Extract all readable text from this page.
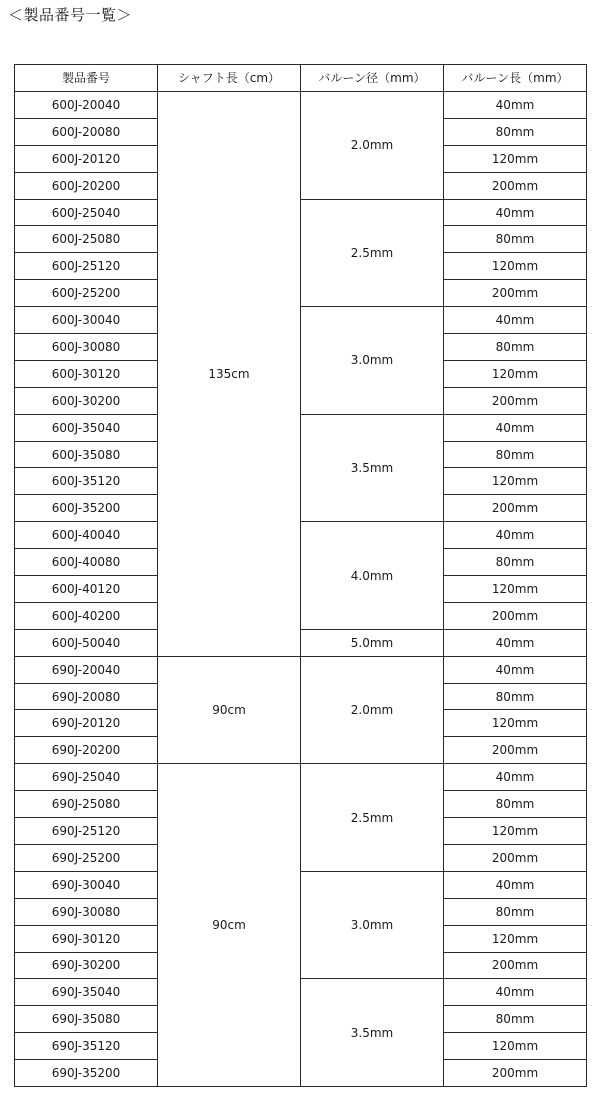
＜製品番号一覧＞
製品番号	シャフト長（cm）	バルーン径（mm）	バルーン長（mm）
600J-20040	135cm	2.0mm	40mm
600J-20080			80mm
600J-20120			120mm
600J-20200			200mm
600J-25040		2.5mm	40mm
600J-25080			80mm
600J-25120			120mm
600J-25200			200mm
600J-30040		3.0mm	40mm
600J-30080			80mm
600J-30120			120mm
600J-30200			200mm
600J-35040		3.5mm	40mm
600J-35080			80mm
600J-35120			120mm
600J-35200			200mm
600J-40040		4.0mm	40mm
600J-40080			80mm
600J-40120			120mm
600J-40200			200mm
600J-50040		5.0mm	40mm
690J-20040	90cm	2.0mm	40mm
690J-20080			80mm
690J-20120			120mm
690J-20200			200mm
690J-25040	90cm	2.5mm	40mm
690J-25080			80mm
690J-25120			120mm
690J-25200			200mm
690J-30040		3.0mm	40mm
690J-30080			80mm
690J-30120			120mm
690J-30200			200mm
690J-35040		3.5mm	40mm
690J-35080			80mm
690J-35120			120mm
690J-35200			200mm
